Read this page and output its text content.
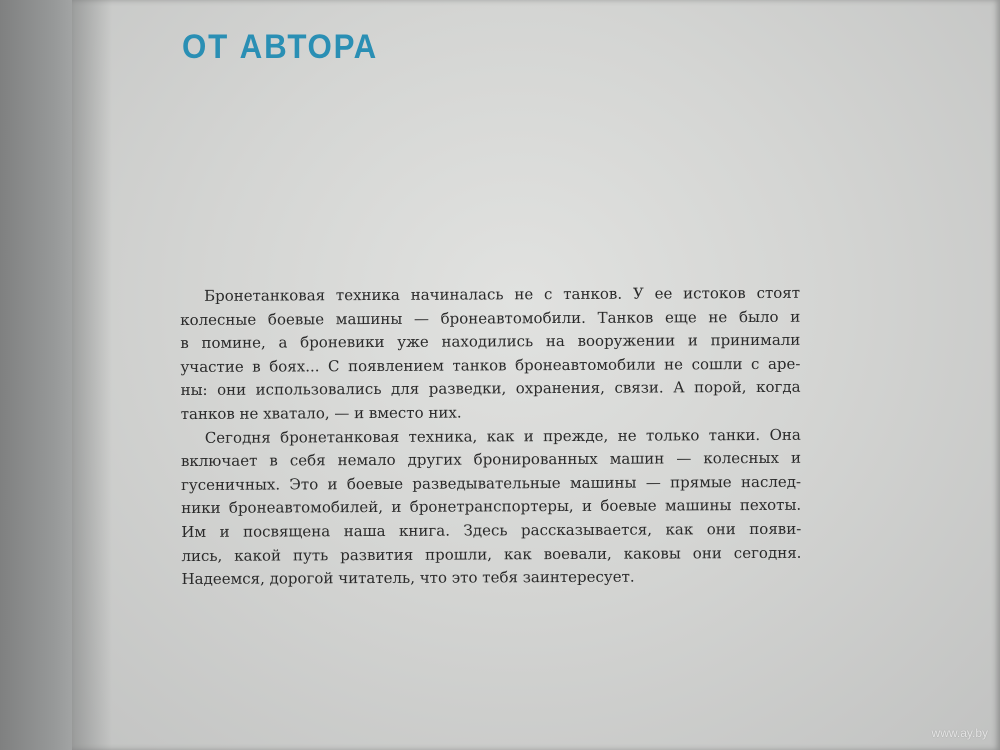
ОТ АВТОРА
Бронетанковая техника начиналась не с танков. У ее истоков стоят
колесные боевые машины — бронеавтомобили. Танков еще не было и
в помине, а броневики уже находились на вооружении и принимали
участие в боях... С появлением танков бронеавтомобили не сошли с аре-
ны: они использовались для разведки, охранения, связи. А порой, когда
танков не хватало, — и вместо них.
Сегодня бронетанковая техника, как и прежде, не только танки. Она
включает в себя немало других бронированных машин — колесных и
гусеничных. Это и боевые разведывательные машины — прямые наслед-
ники бронеавтомобилей, и бронетранспортеры, и боевые машины пехоты.
Им и посвящена наша книга. Здесь рассказывается, как они появи-
лись, какой путь развития прошли, как воевали, каковы они сегодня.
Надеемся, дорогой читатель, что это тебя заинтересует.
www.ay.by
